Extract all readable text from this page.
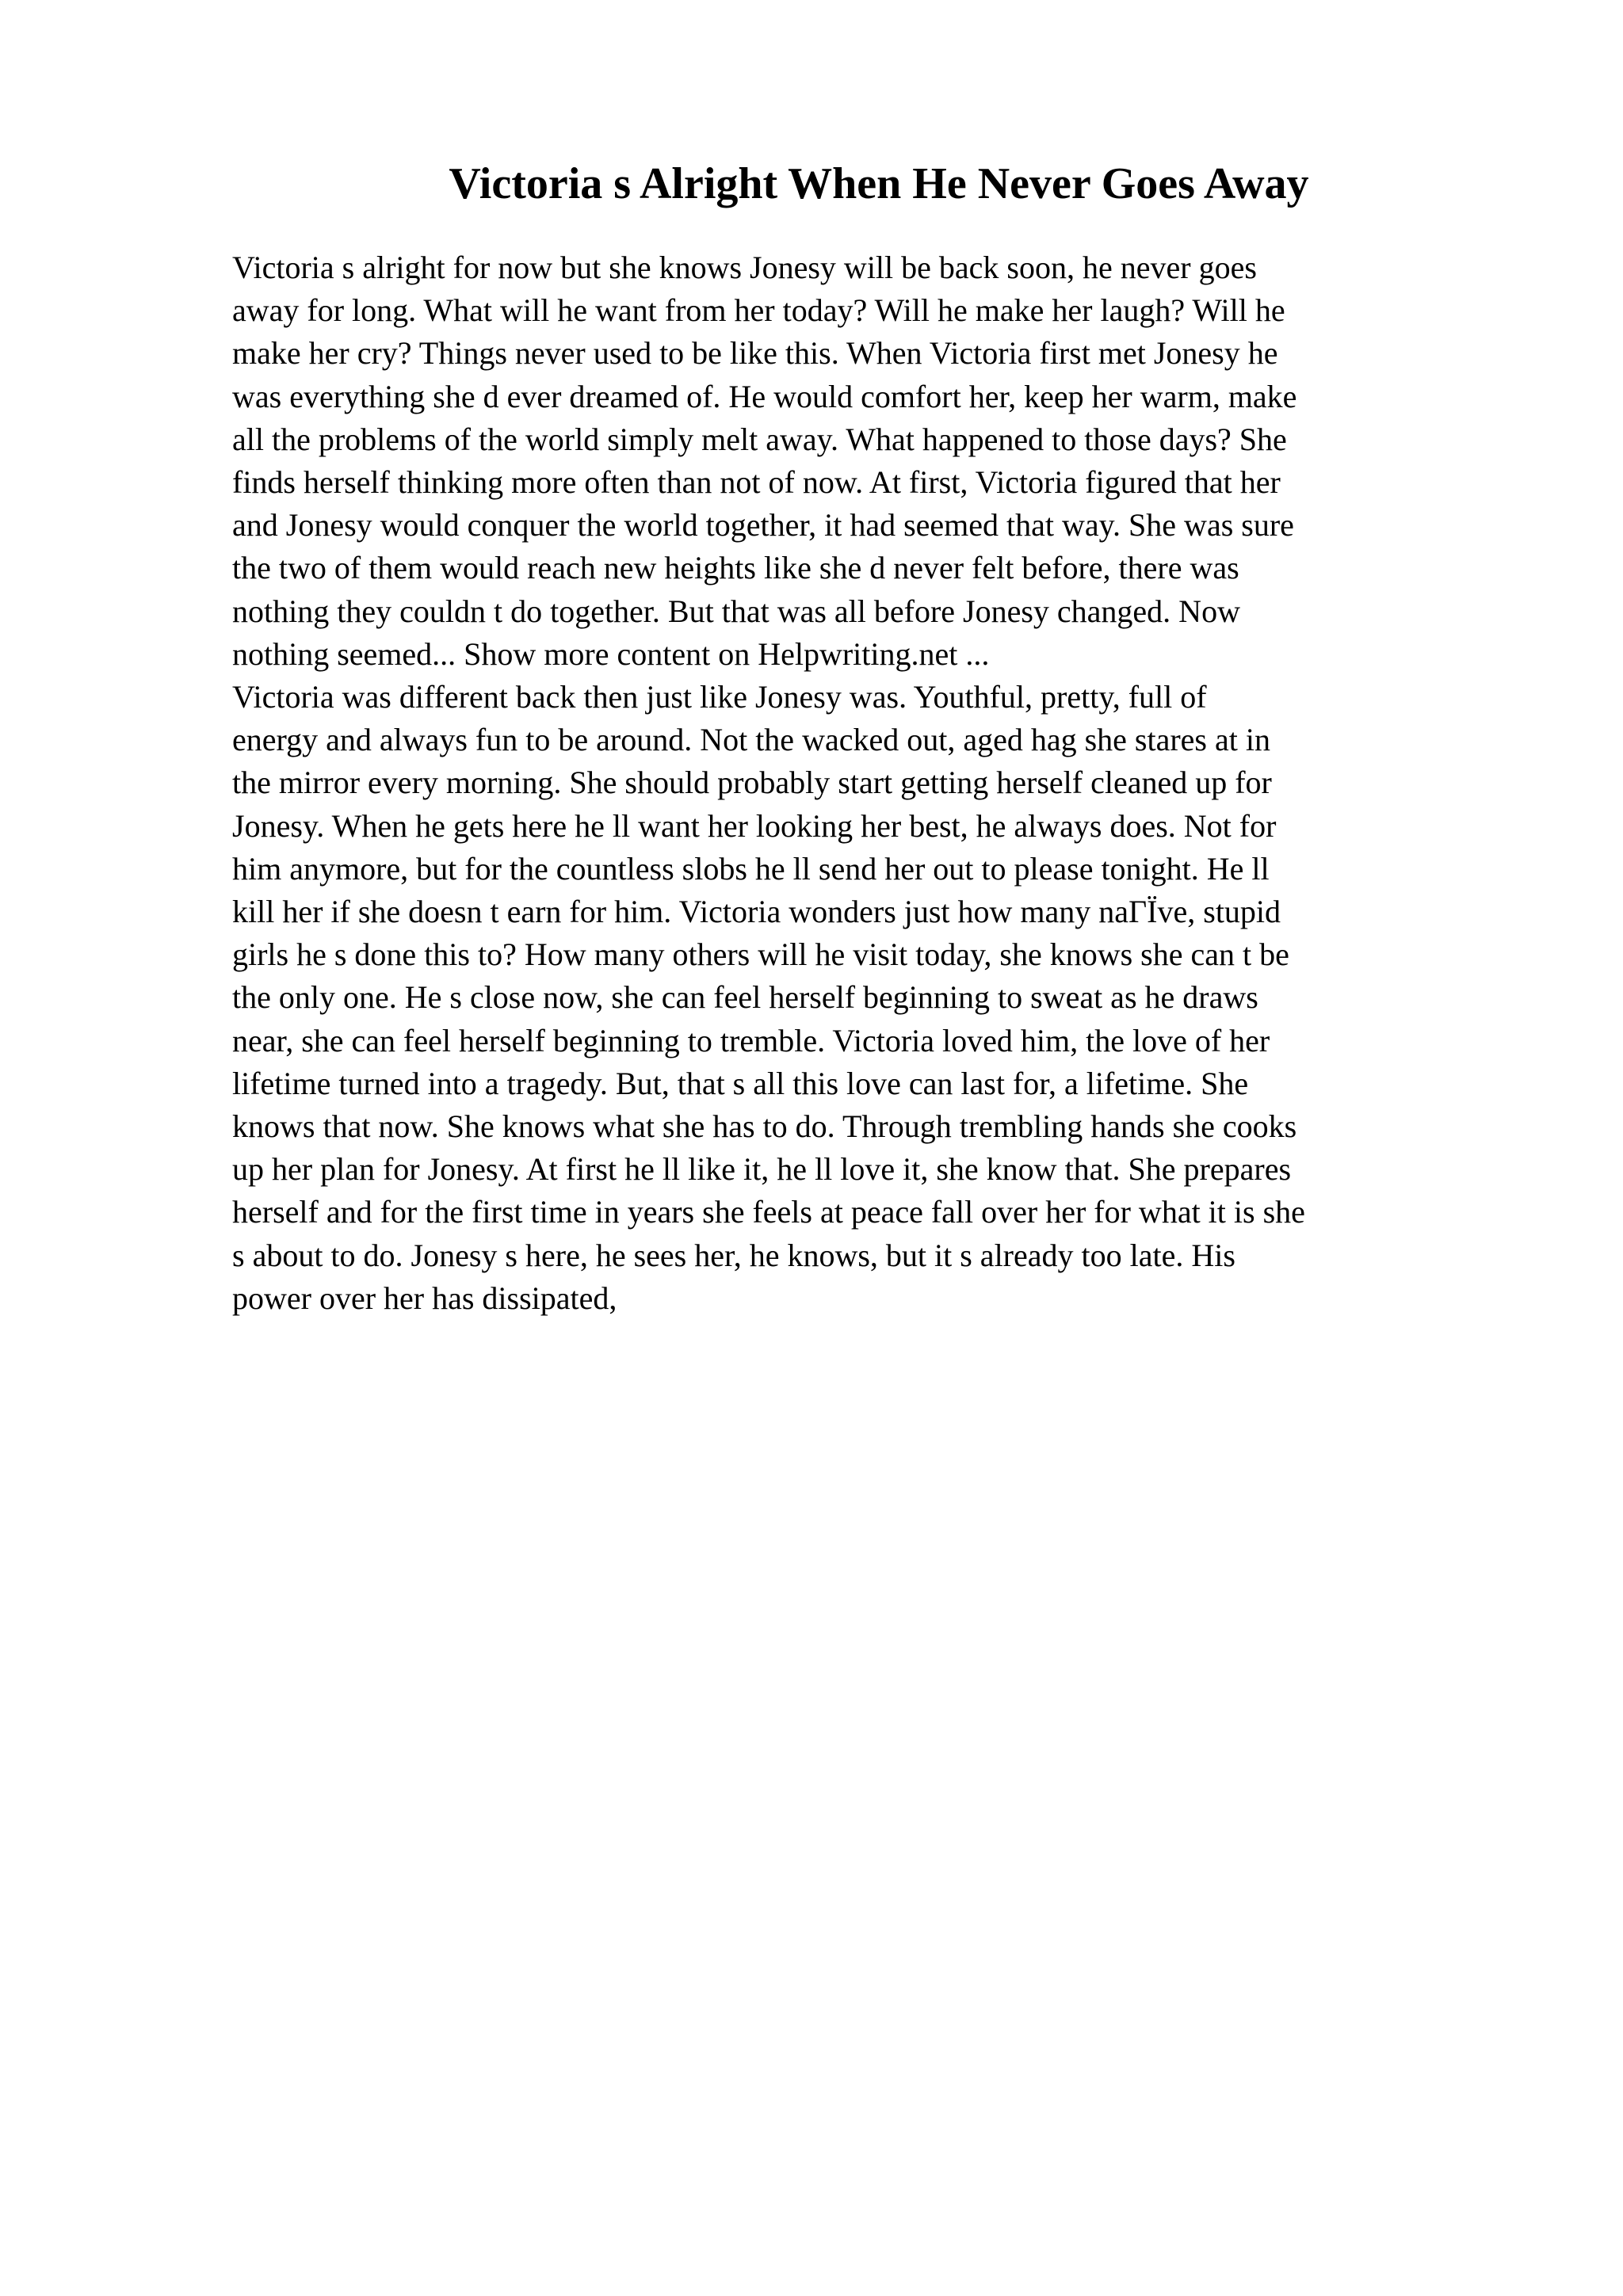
Victoria s Alright When He Never Goes Away
Victoria s alright for now but she knows Jonesy will be back soon, he never goes
away for long. What will he want from her today? Will he make her laugh? Will he
make her cry? Things never used to be like this. When Victoria first met Jonesy he
was everything she d ever dreamed of. He would comfort her, keep her warm, make
all the problems of the world simply melt away. What happened to those days? She
finds herself thinking more often than not of now. At first, Victoria figured that her
and Jonesy would conquer the world together, it had seemed that way. She was sure
the two of them would reach new heights like she d never felt before, there was
nothing they couldn t do together. But that was all before Jonesy changed. Now
nothing seemed... Show more content on Helpwriting.net ...
Victoria was different back then just like Jonesy was. Youthful, pretty, full of
energy and always fun to be around. Not the wacked out, aged hag she stares at in
the mirror every morning. She should probably start getting herself cleaned up for
Jonesy. When he gets here he ll want her looking her best, he always does. Not for
him anymore, but for the countless slobs he ll send her out to please tonight. He ll
kill her if she doesn t earn for him. Victoria wonders just how many naΓЇve, stupid
girls he s done this to? How many others will he visit today, she knows she can t be
the only one. He s close now, she can feel herself beginning to sweat as he draws
near, she can feel herself beginning to tremble. Victoria loved him, the love of her
lifetime turned into a tragedy. But, that s all this love can last for, a lifetime. She
knows that now. She knows what she has to do. Through trembling hands she cooks
up her plan for Jonesy. At first he ll like it, he ll love it, she know that. She prepares
herself and for the first time in years she feels at peace fall over her for what it is she
s about to do. Jonesy s here, he sees her, he knows, but it s already too late. His
power over her has dissipated,
